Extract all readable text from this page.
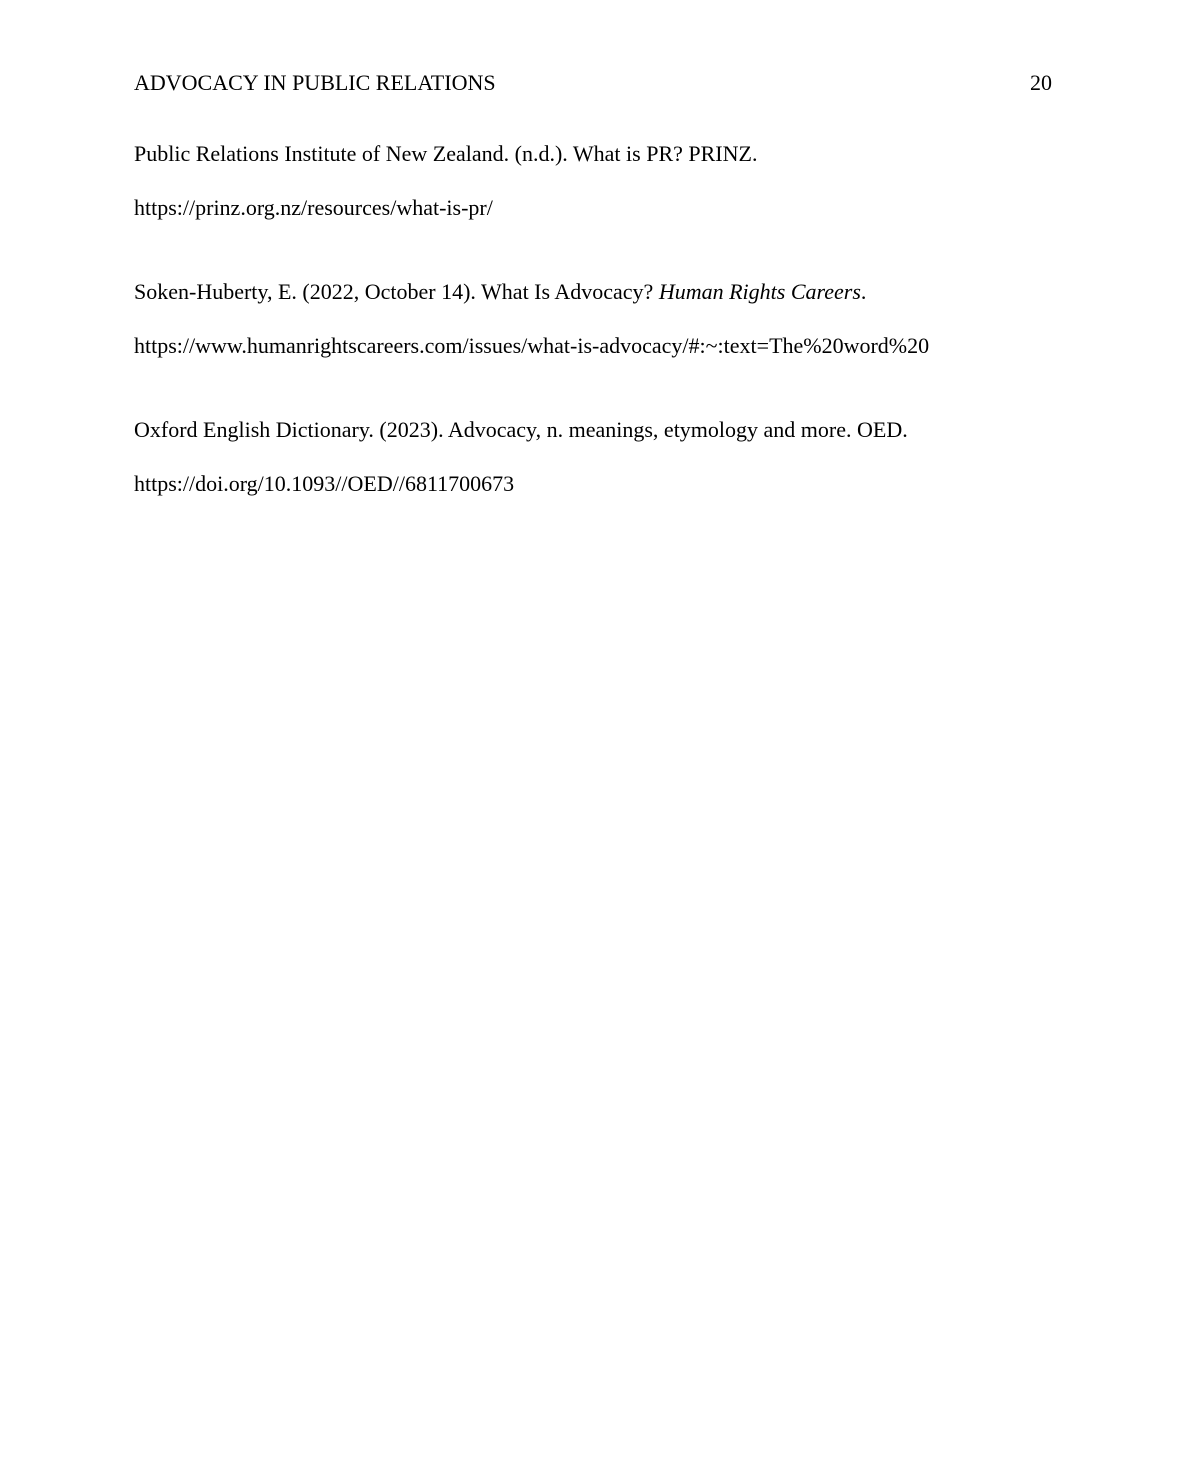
ADVOCACY IN PUBLIC RELATIONS	20
Public Relations Institute of New Zealand. (n.d.). What is PR? PRINZ.
https://prinz.org.nz/resources/what-is-pr/
Soken-Huberty, E. (2022, October 14). What Is Advocacy? Human Rights Careers.
https://www.humanrightscareers.com/issues/what-is-advocacy/#:~:text=The%20word%20
Oxford English Dictionary. (2023). Advocacy, n. meanings, etymology and more. OED.
https://doi.org/10.1093//OED//6811700673
